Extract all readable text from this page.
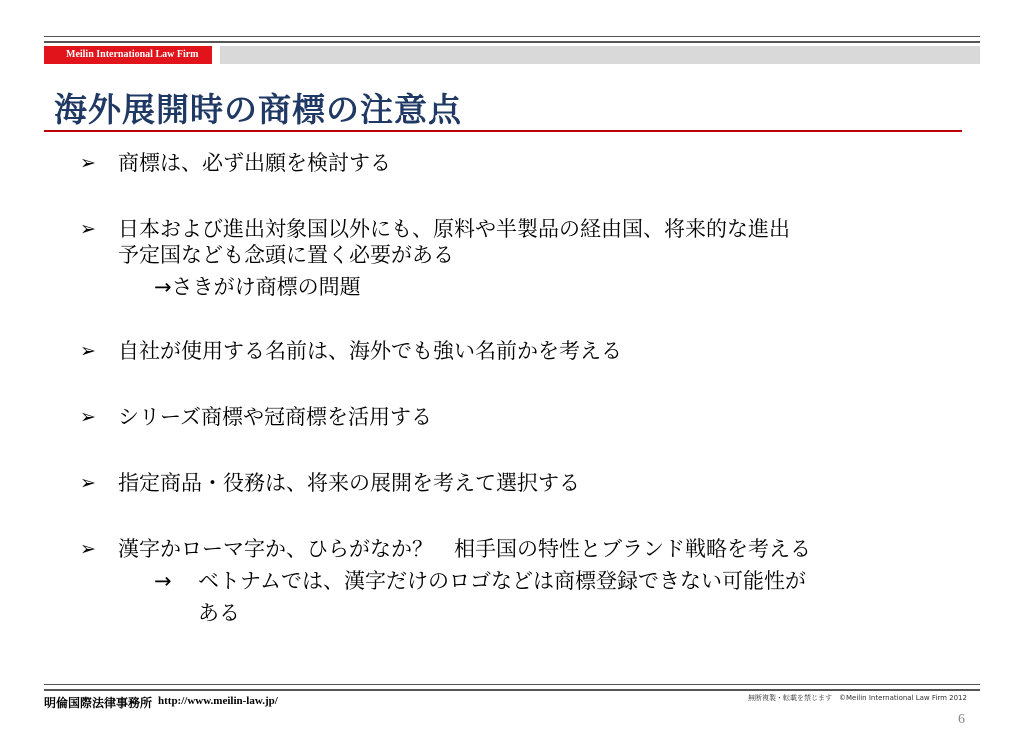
Meilin International Law Firm
海外展開時の商標の注意点
➢ 商標は、必ず出願を検討する
➢ 日本および進出対象国以外にも、原料や半製品の経由国、将来的な進出
予定国なども念頭に置く必要がある
→さきがけ商標の問題
➢ 自社が使用する名前は、海外でも強い名前かを考える
➢ シリーズ商標や冠商標を活用する
➢ 指定商品・役務は、将来の展開を考えて選択する
➢ 漢字かローマ字か、ひらがなか？　相手国の特性とブランド戦略を考える
→	ベトナムでは、漢字だけのロゴなどは商標登録できない可能性が
ある
明倫国際法律事務所 http://www.meilin-law.jp/	無断複製・転載を禁じます　©Meilin International Law Firm 2012
6
